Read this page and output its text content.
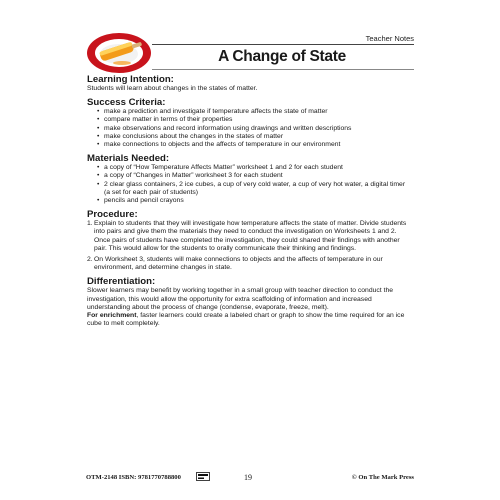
Teacher Notes
A Change of State
Learning Intention:

Students will learn about changes in the states of matter.

Success Criteria:
• make a prediction and investigate if temperature affects the state of matter
• compare matter in terms of their properties
• make observations and record information using drawings and written descriptions
• make conclusions about the changes in the states of matter
• make connections to objects and the affects of temperature in our environment
Materials Needed:
• a copy of “How Temperature Affects Matter” worksheet 1 and 2 for each student
• a copy of “Changes in Matter” worksheet 3 for each student
• 2 clear glass containers, 2 ice cubes, a cup of very cold water, a cup of very hot water, a digital timer (a set for each pair of students)
• pencils and pencil crayons
Procedure:
1. Explain to students that they will investigate how temperature affects the state of matter. Divide students into pairs and give them the materials they need to conduct the investigation on Worksheets 1 and 2. Once pairs of students have completed the investigation, they could shared their findings with another pair. This would allow for the students to orally communicate their thinking and findings.
2. On Worksheet 3, students will make connections to objects and the affects of temperature in our environment, and determine changes in state.
Differentiation:

Slower learners may benefit by working together in a small group with teacher direction to conduct the investigation, this would allow the opportunity for extra scaffolding of information and increased understanding about the process of change (condense, evaporate, freeze, melt).

For enrichment, faster learners could create a labeled chart or graph to show the time required for an ice cube to melt completely.

OTM-2148 ISBN: 9781770788800	19	© On The Mark Press
